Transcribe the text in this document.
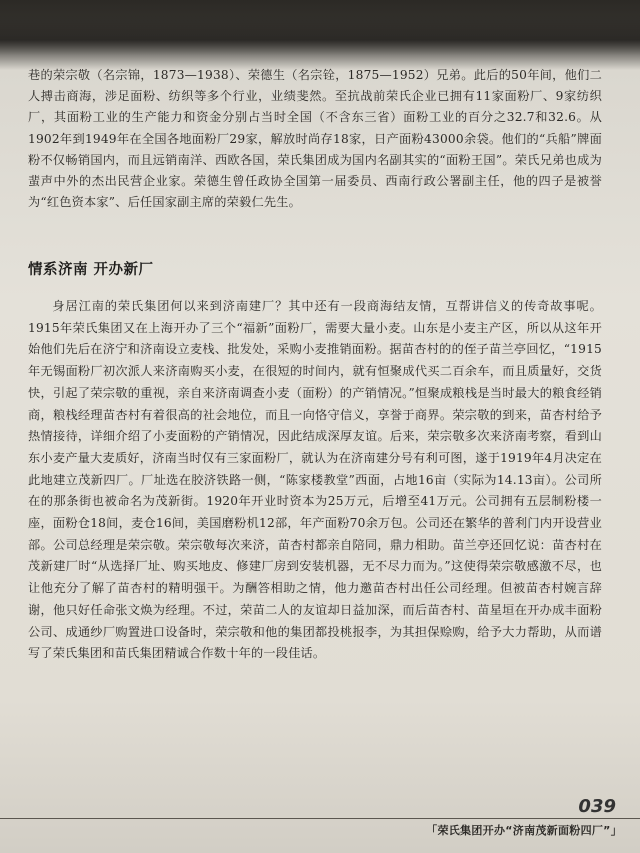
巷的荣宗敬（名宗锦，1873—1938）、荣德生（名宗铨，1875—1952）兄弟。此后的50年间，他们二人搏击商海，涉足面粉、纺织等多个行业，业绩斐然。至抗战前荣氏企业已拥有11家面粉厂、9家纺织厂，其面粉工业的生产能力和资金分别占当时全国（不含东三省）面粉工业的百分之32.7和32.6。从1902年到1949年在全国各地面粉厂29家，解放时尚存18家，日产面粉43000余袋。他们的“兵船”牌面粉不仅畅销国内，而且远销南洋、西欧各国，荣氏集团成为国内名副其实的“面粉王国”。荣氏兄弟也成为蜚声中外的杰出民营企业家。荣德生曾任政协全国第一届委员、西南行政公署副主任，他的四子是被誉为“红色资本家”、后任国家副主席的荣毅仁先生。

情系济南 开办新厂

身居江南的荣氏集团何以来到济南建厂？其中还有一段商海结友情，互帮讲信义的传奇故事呢。1915年荣氏集团又在上海开办了三个“福新”面粉厂，需要大量小麦。山东是小麦主产区，所以从这年开始他们先后在济宁和济南设立麦栈、批发处，采购小麦推销面粉。据苗杏村的的侄子苗兰亭回忆，“1915年无锡面粉厂初次派人来济南购买小麦，在很短的时间内，就有恒聚成代买二百余车，而且质量好，交货快，引起了荣宗敬的重视，亲自来济南调查小麦（面粉）的产销情况。”恒聚成粮栈是当时最大的粮食经销商，粮栈经理苗杏村有着很高的社会地位，而且一向恪守信义，享誉于商界。荣宗敬的到来，苗杏村给予热情接待，详细介绍了小麦面粉的产销情况，因此结成深厚友谊。后来，荣宗敬多次来济南考察，看到山东小麦产量大麦质好，济南当时仅有三家面粉厂，就认为在济南建分号有利可图，遂于1919年4月决定在此地建立茂新四厂。厂址选在胶济铁路一侧，“陈家楼教堂”西面，占地16亩（实际为14.13亩）。公司所在的那条街也被命名为茂新街。1920年开业时资本为25万元，后增至41万元。公司拥有五层制粉楼一座，面粉仓18间，麦仓16间，美国磨粉机12部，年产面粉70余万包。公司还在繁华的普利门内开设营业部。公司总经理是荣宗敬。荣宗敬每次来济，苗杏村都亲自陪同，鼎力相助。苗兰亭还回忆说：苗杏村在茂新建厂时“从选择厂址、购买地皮、修建厂房到安装机器，无不尽力而为。”这使得荣宗敬感激不尽，也让他充分了解了苗杏村的精明强干。为酬答相助之情，他力邀苗杏村出任公司经理。但被苗杏村婉言辞谢，他只好任命张文焕为经理。不过，荣苗二人的友谊却日益加深，而后苗杏村、苗星垣在开办成丰面粉公司、成通纱厂购置进口设备时，荣宗敬和他的集团都投桃报李，为其担保赊购，给予大力帮助，从而谱写了荣氏集团和苗氏集团精诚合作数十年的一段佳话。

039
「荣氏集团开办“济南茂新面粉四厂”」
